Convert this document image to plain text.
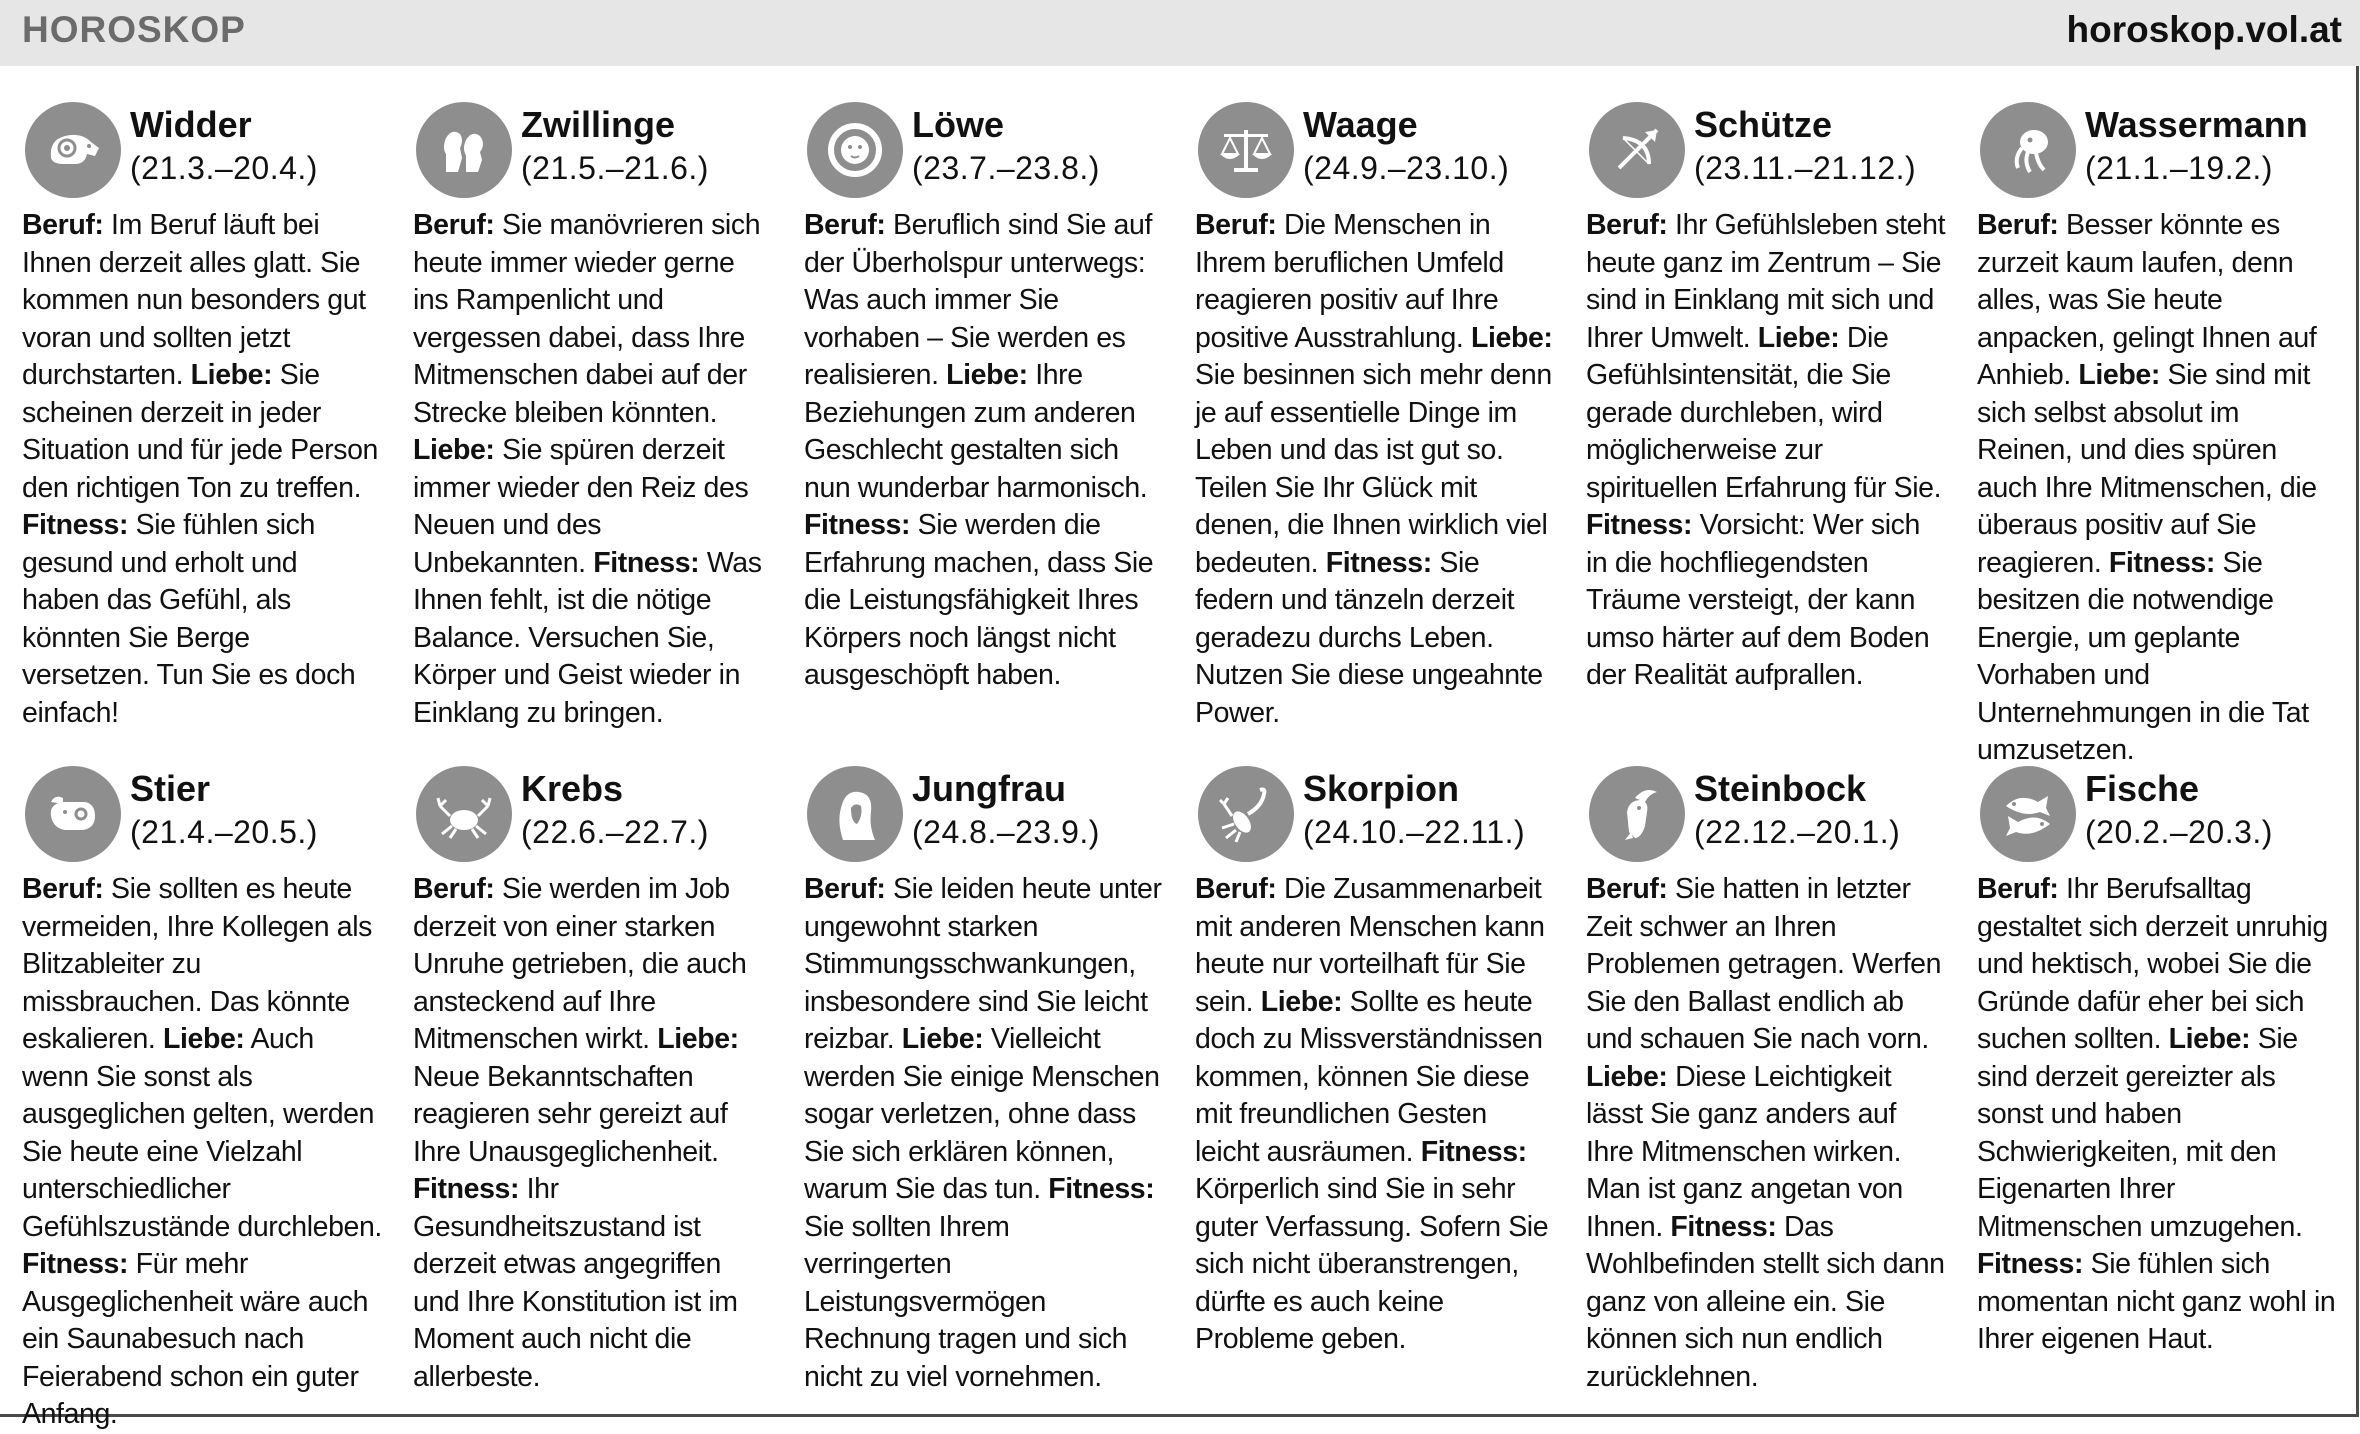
HOROSKOP	horoskop.vol.at
Widder
(21.3.–20.4.)
Beruf: Im Beruf läuft bei Ihnen derzeit alles glatt. Sie kommen nun besonders gut voran und sollten jetzt durchstarten. Liebe: Sie scheinen derzeit in jeder Situation und für jede Person den richtigen Ton zu treffen. Fitness: Sie fühlen sich gesund und erholt und haben das Gefühl, als könnten Sie Berge versetzen. Tun Sie es doch einfach!
Zwillinge
(21.5.–21.6.)
Beruf: Sie manövrieren sich heute immer wieder gerne ins Rampenlicht und vergessen dabei, dass Ihre Mitmenschen dabei auf der Strecke bleiben könnten. Liebe: Sie spüren derzeit immer wieder den Reiz des Neuen und des Unbekannten. Fitness: Was Ihnen fehlt, ist die nötige Balance. Versuchen Sie, Körper und Geist wieder in Einklang zu bringen.
Löwe
(23.7.–23.8.)
Beruf: Beruflich sind Sie auf der Überholspur unterwegs: Was auch immer Sie vorhaben – Sie werden es realisieren. Liebe: Ihre Beziehungen zum anderen Geschlecht gestalten sich nun wunderbar harmonisch. Fitness: Sie werden die Erfahrung machen, dass Sie die Leistungsfähigkeit Ihres Körpers noch längst nicht ausgeschöpft haben.
Waage
(24.9.–23.10.)
Beruf: Die Menschen in Ihrem beruflichen Umfeld reagieren positiv auf Ihre positive Ausstrahlung. Liebe: Sie besinnen sich mehr denn je auf essentielle Dinge im Leben und das ist gut so. Teilen Sie Ihr Glück mit denen, die Ihnen wirklich viel bedeuten. Fitness: Sie federn und tänzeln derzeit geradezu durchs Leben. Nutzen Sie diese ungeahnte Power.
Schütze
(23.11.–21.12.)
Beruf: Ihr Gefühlsleben steht heute ganz im Zentrum – Sie sind in Einklang mit sich und Ihrer Umwelt. Liebe: Die Gefühlsintensität, die Sie gerade durchleben, wird möglicherweise zur spirituellen Erfahrung für Sie. Fitness: Vorsicht: Wer sich in die hochfliegendsten Träume versteigt, der kann umso härter auf dem Boden der Realität aufprallen.
Wassermann
(21.1.–19.2.)
Beruf: Besser könnte es zurzeit kaum laufen, denn alles, was Sie heute anpacken, gelingt Ihnen auf Anhieb. Liebe: Sie sind mit sich selbst absolut im Reinen, und dies spüren auch Ihre Mitmenschen, die überaus positiv auf Sie reagieren. Fitness: Sie besitzen die notwendige Energie, um geplante Vorhaben und Unternehmungen in die Tat umzusetzen.
Stier
(21.4.–20.5.)
Beruf: Sie sollten es heute vermeiden, Ihre Kollegen als Blitzableiter zu missbrauchen. Das könnte eskalieren. Liebe: Auch wenn Sie sonst als ausgeglichen gelten, werden Sie heute eine Vielzahl unterschiedlicher Gefühlszustände durchleben. Fitness: Für mehr Ausgeglichenheit wäre auch ein Saunabesuch nach Feierabend schon ein guter Anfang.
Krebs
(22.6.–22.7.)
Beruf: Sie werden im Job derzeit von einer starken Unruhe getrieben, die auch ansteckend auf Ihre Mitmenschen wirkt. Liebe: Neue Bekanntschaften reagieren sehr gereizt auf Ihre Unausgeglichenheit. Fitness: Ihr Gesundheitszustand ist derzeit etwas angegriffen und Ihre Konstitution ist im Moment auch nicht die allerbeste.
Jungfrau
(24.8.–23.9.)
Beruf: Sie leiden heute unter ungewohnt starken Stimmungsschwankungen, insbesondere sind Sie leicht reizbar. Liebe: Vielleicht werden Sie einige Menschen sogar verletzen, ohne dass Sie sich erklären können, warum Sie das tun. Fitness: Sie sollten Ihrem verringerten Leistungsvermögen Rechnung tragen und sich nicht zu viel vornehmen.
Skorpion
(24.10.–22.11.)
Beruf: Die Zusammenarbeit mit anderen Menschen kann heute nur vorteilhaft für Sie sein. Liebe: Sollte es heute doch zu Missverständnissen kommen, können Sie diese mit freundlichen Gesten leicht ausräumen. Fitness: Körperlich sind Sie in sehr guter Verfassung. Sofern Sie sich nicht überanstrengen, dürfte es auch keine Probleme geben.
Steinbock
(22.12.–20.1.)
Beruf: Sie hatten in letzter Zeit schwer an Ihren Problemen getragen. Werfen Sie den Ballast endlich ab und schauen Sie nach vorn. Liebe: Diese Leichtigkeit lässt Sie ganz anders auf Ihre Mitmenschen wirken. Man ist ganz angetan von Ihnen. Fitness: Das Wohlbefinden stellt sich dann ganz von alleine ein. Sie können sich nun endlich zurücklehnen.
Fische
(20.2.–20.3.)
Beruf: Ihr Berufsalltag gestaltet sich derzeit unruhig und hektisch, wobei Sie die Gründe dafür eher bei sich suchen sollten. Liebe: Sie sind derzeit gereizter als sonst und haben Schwierigkeiten, mit den Eigenarten Ihrer Mitmenschen umzugehen. Fitness: Sie fühlen sich momentan nicht ganz wohl in Ihrer eigenen Haut.
